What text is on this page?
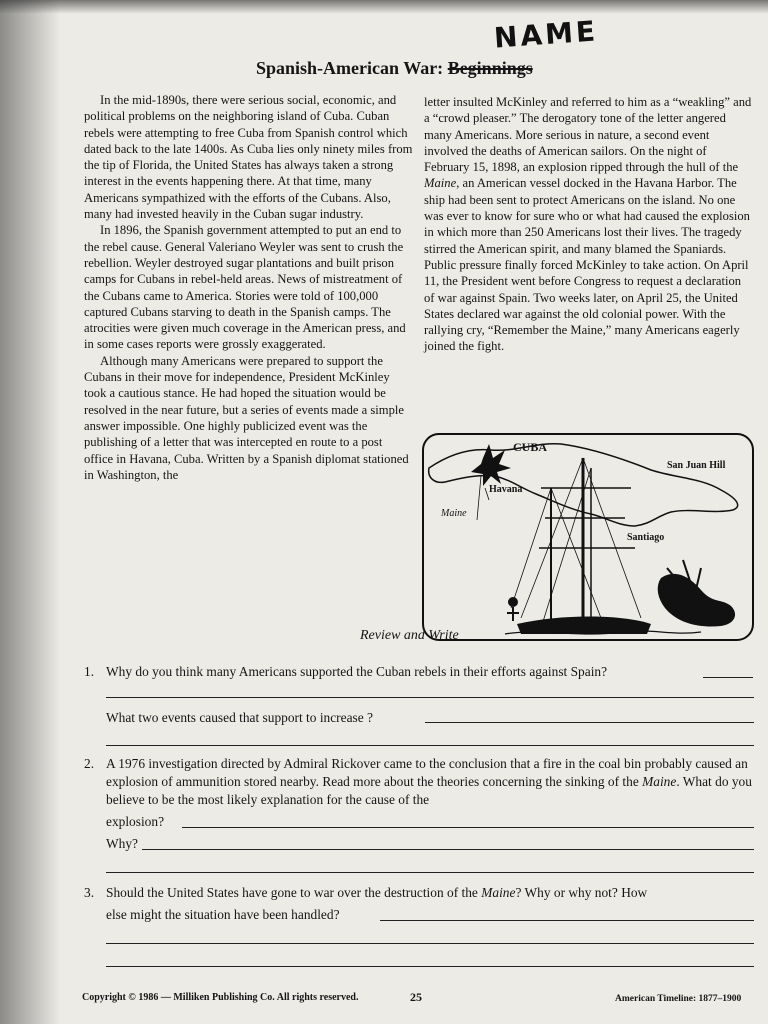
NAME
Spanish-American War: Beginnings

In the mid-1890s, there were serious social, economic, and political problems on the neighboring island of Cuba. Cuban rebels were attempting to free Cuba from Spanish control which dated back to the late 1400s. As Cuba lies only ninety miles from the tip of Florida, the United States has always taken a strong interest in the events happening there. At that time, many Americans sympathized with the efforts of the Cubans. Also, many had invested heavily in the Cuban sugar industry.

In 1896, the Spanish government attempted to put an end to the rebel cause. General Valeriano Weyler was sent to crush the rebellion. Weyler destroyed sugar plantations and built prison camps for Cubans in rebel-held areas. News of mistreatment of the Cubans came to America. Stories were told of 100,000 captured Cubans starving to death in the Spanish camps. The atrocities were given much coverage in the American press, and in some cases reports were grossly exaggerated.

Although many Americans were prepared to support the Cubans in their move for independence, President McKinley took a cautious stance. He had hoped the situation would be resolved in the near future, but a series of events made a simple answer impossible. One highly publicized event was the publishing of a letter that was intercepted en route to a post office in Havana, Cuba. Written by a Spanish diplomat stationed in Washington, the

letter insulted McKinley and referred to him as a “weakling” and a “crowd pleaser.” The derogatory tone of the letter angered many Americans. More serious in nature, a second event involved the deaths of American sailors. On the night of February 15, 1898, an explosion ripped through the hull of the Maine, an American vessel docked in the Havana Harbor. The ship had been sent to protect Americans on the island. No one was ever to know for sure who or what had caused the explosion in which more than 250 Americans lost their lives. The tragedy stirred the American spirit, and many blamed the Spaniards. Public pressure finally forced McKinley to take action. On April 11, the President went before Congress to request a declaration of war against Spain. Two weeks later, on April 25, the United States declared war against the old colonial power. With the rallying cry, “Remember the Maine,” many Americans eagerly joined the fight.

CUBA
Havana
Maine
San Juan Hill
Santiago
Review and Write
1. Why do you think many Americans supported the Cuban rebels in their efforts against Spain?
What two events caused that support to increase ?
2. A 1976 investigation directed by Admiral Rickover came to the conclusion that a fire in the coal bin probably caused an explosion of ammunition stored nearby. Read more about the theories concerning the sinking of the Maine. What do you believe to be the most likely explanation for the cause of the
explosion?
Why?
3. Should the United States have gone to war over the destruction of the Maine? Why or why not? How
else might the situation have been handled?
Copyright © 1986 — Milliken Publishing Co. All rights reserved.	25	American Timeline: 1877–1900
